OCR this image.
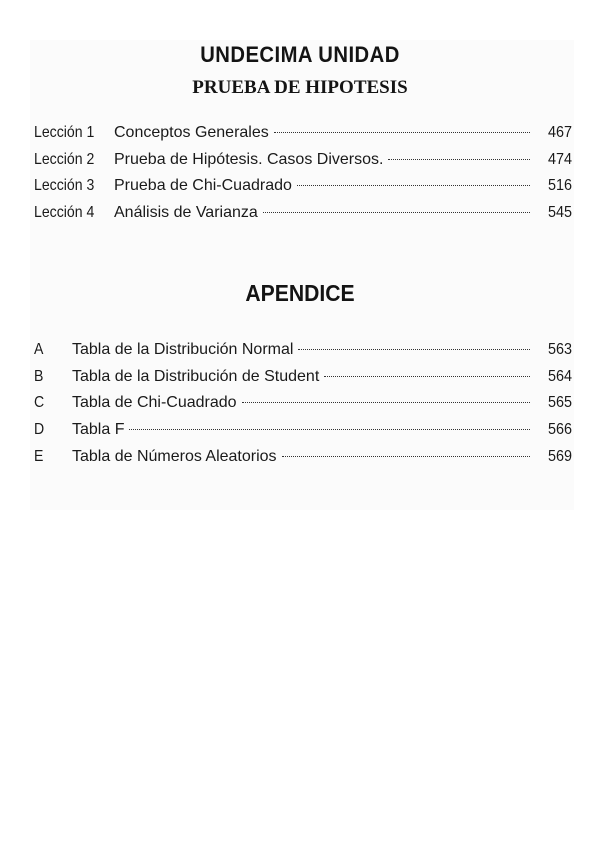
UNDECIMA UNIDAD
PRUEBA DE HIPOTESIS
Lección 1	Conceptos Generales	467
Lección 2	Prueba de Hipótesis. Casos Diversos.	474
Lección 3	Prueba de Chi-Cuadrado	516
Lección 4	Análisis de Varianza	545
APENDICE
A	Tabla de la Distribución Normal	563
B	Tabla de la Distribución de Student	564
C	Tabla de Chi-Cuadrado	565
D	Tabla F	566
E	Tabla de Números Aleatorios	569
